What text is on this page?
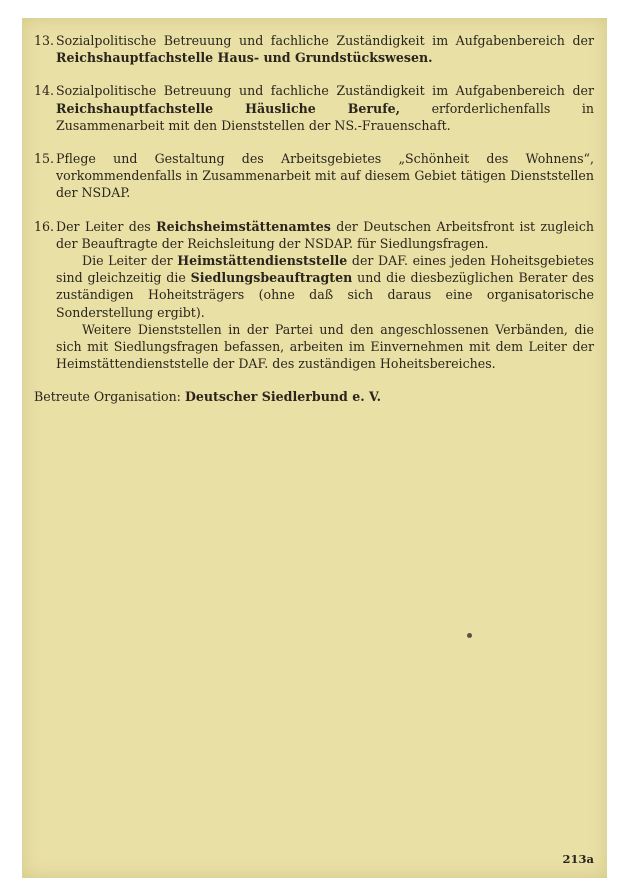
13. Sozialpolitische Betreuung und fachliche Zuständigkeit im Aufgabenbereich der Reichshauptfachstelle Haus- und Grundstückswesen.
14. Sozialpolitische Betreuung und fachliche Zuständigkeit im Aufgabenbereich der Reichshauptfachstelle Häusliche Berufe, erforderlichenfalls in Zusammenarbeit mit den Dienststellen der NS.-Frauenschaft.
15. Pflege und Gestaltung des Arbeitsgebietes „Schönheit des Wohnens“, vorkommendenfalls in Zusammenarbeit mit auf diesem Gebiet tätigen Dienststellen der NSDAP.
16. Der Leiter des Reichsheimstättenamtes der Deutschen Arbeitsfront ist zugleich der Beauftragte der Reichsleitung der NSDAP. für Siedlungsfragen.

Die Leiter der Heimstättendienststelle der DAF. eines jeden Hoheitsgebietes sind gleichzeitig die Siedlungsbeauftragten und die diesbezüglichen Berater des zuständigen Hoheitsträgers (ohne daß sich daraus eine organisatorische Sonderstellung ergibt).

Weitere Dienststellen in der Partei und den angeschlossenen Verbänden, die sich mit Siedlungsfragen befassen, arbeiten im Einvernehmen mit dem Leiter der Heimstättendienststelle der DAF. des zuständigen Hoheitsbereiches.

Betreute Organisation: Deutscher Siedlerbund e. V.
213a
